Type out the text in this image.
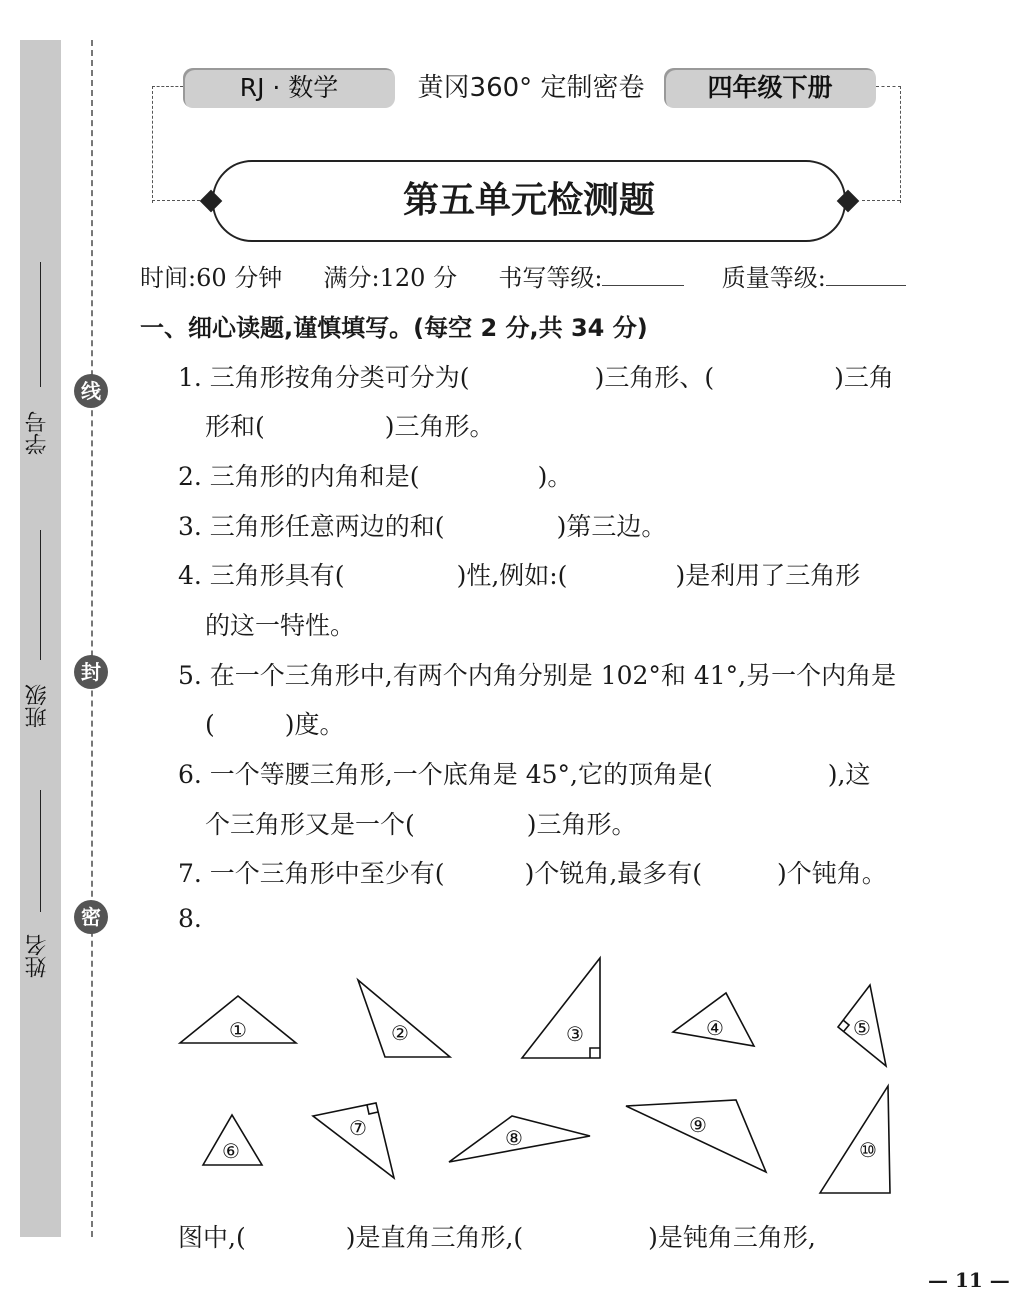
线
封
密
学号
班级
姓名
RJ · 数学	黄冈360° 定制密卷	四年级下册
第五单元检测题
时间:60 分钟 满分:120 分 书写等级:	质量等级:
一、细心读题,谨慎填写。(每空 2 分,共 34 分)
1. 三角形按角分类可分为(	)三角形、(	)三角
形和(	)三角形。
2. 三角形的内角和是(	)。
3. 三角形任意两边的和(	)第三边。
4. 三角形具有(	)性,例如:(	)是利用了三角形
的这一特性。
5. 在一个三角形中,有两个内角分别是 102°和 41°,另一个内角是
(	)度。
6. 一个等腰三角形,一个底角是 45°,它的顶角是(	),这
个三角形又是一个(	)三角形。
7. 一个三角形中至少有(	)个锐角,最多有(	)个钝角。
8.
①	②	③	④	⑤
⑥
⑦	⑧
⑨
⑩
图中,(	)是直角三角形,(	)是钝角三角形,
— 11 —
